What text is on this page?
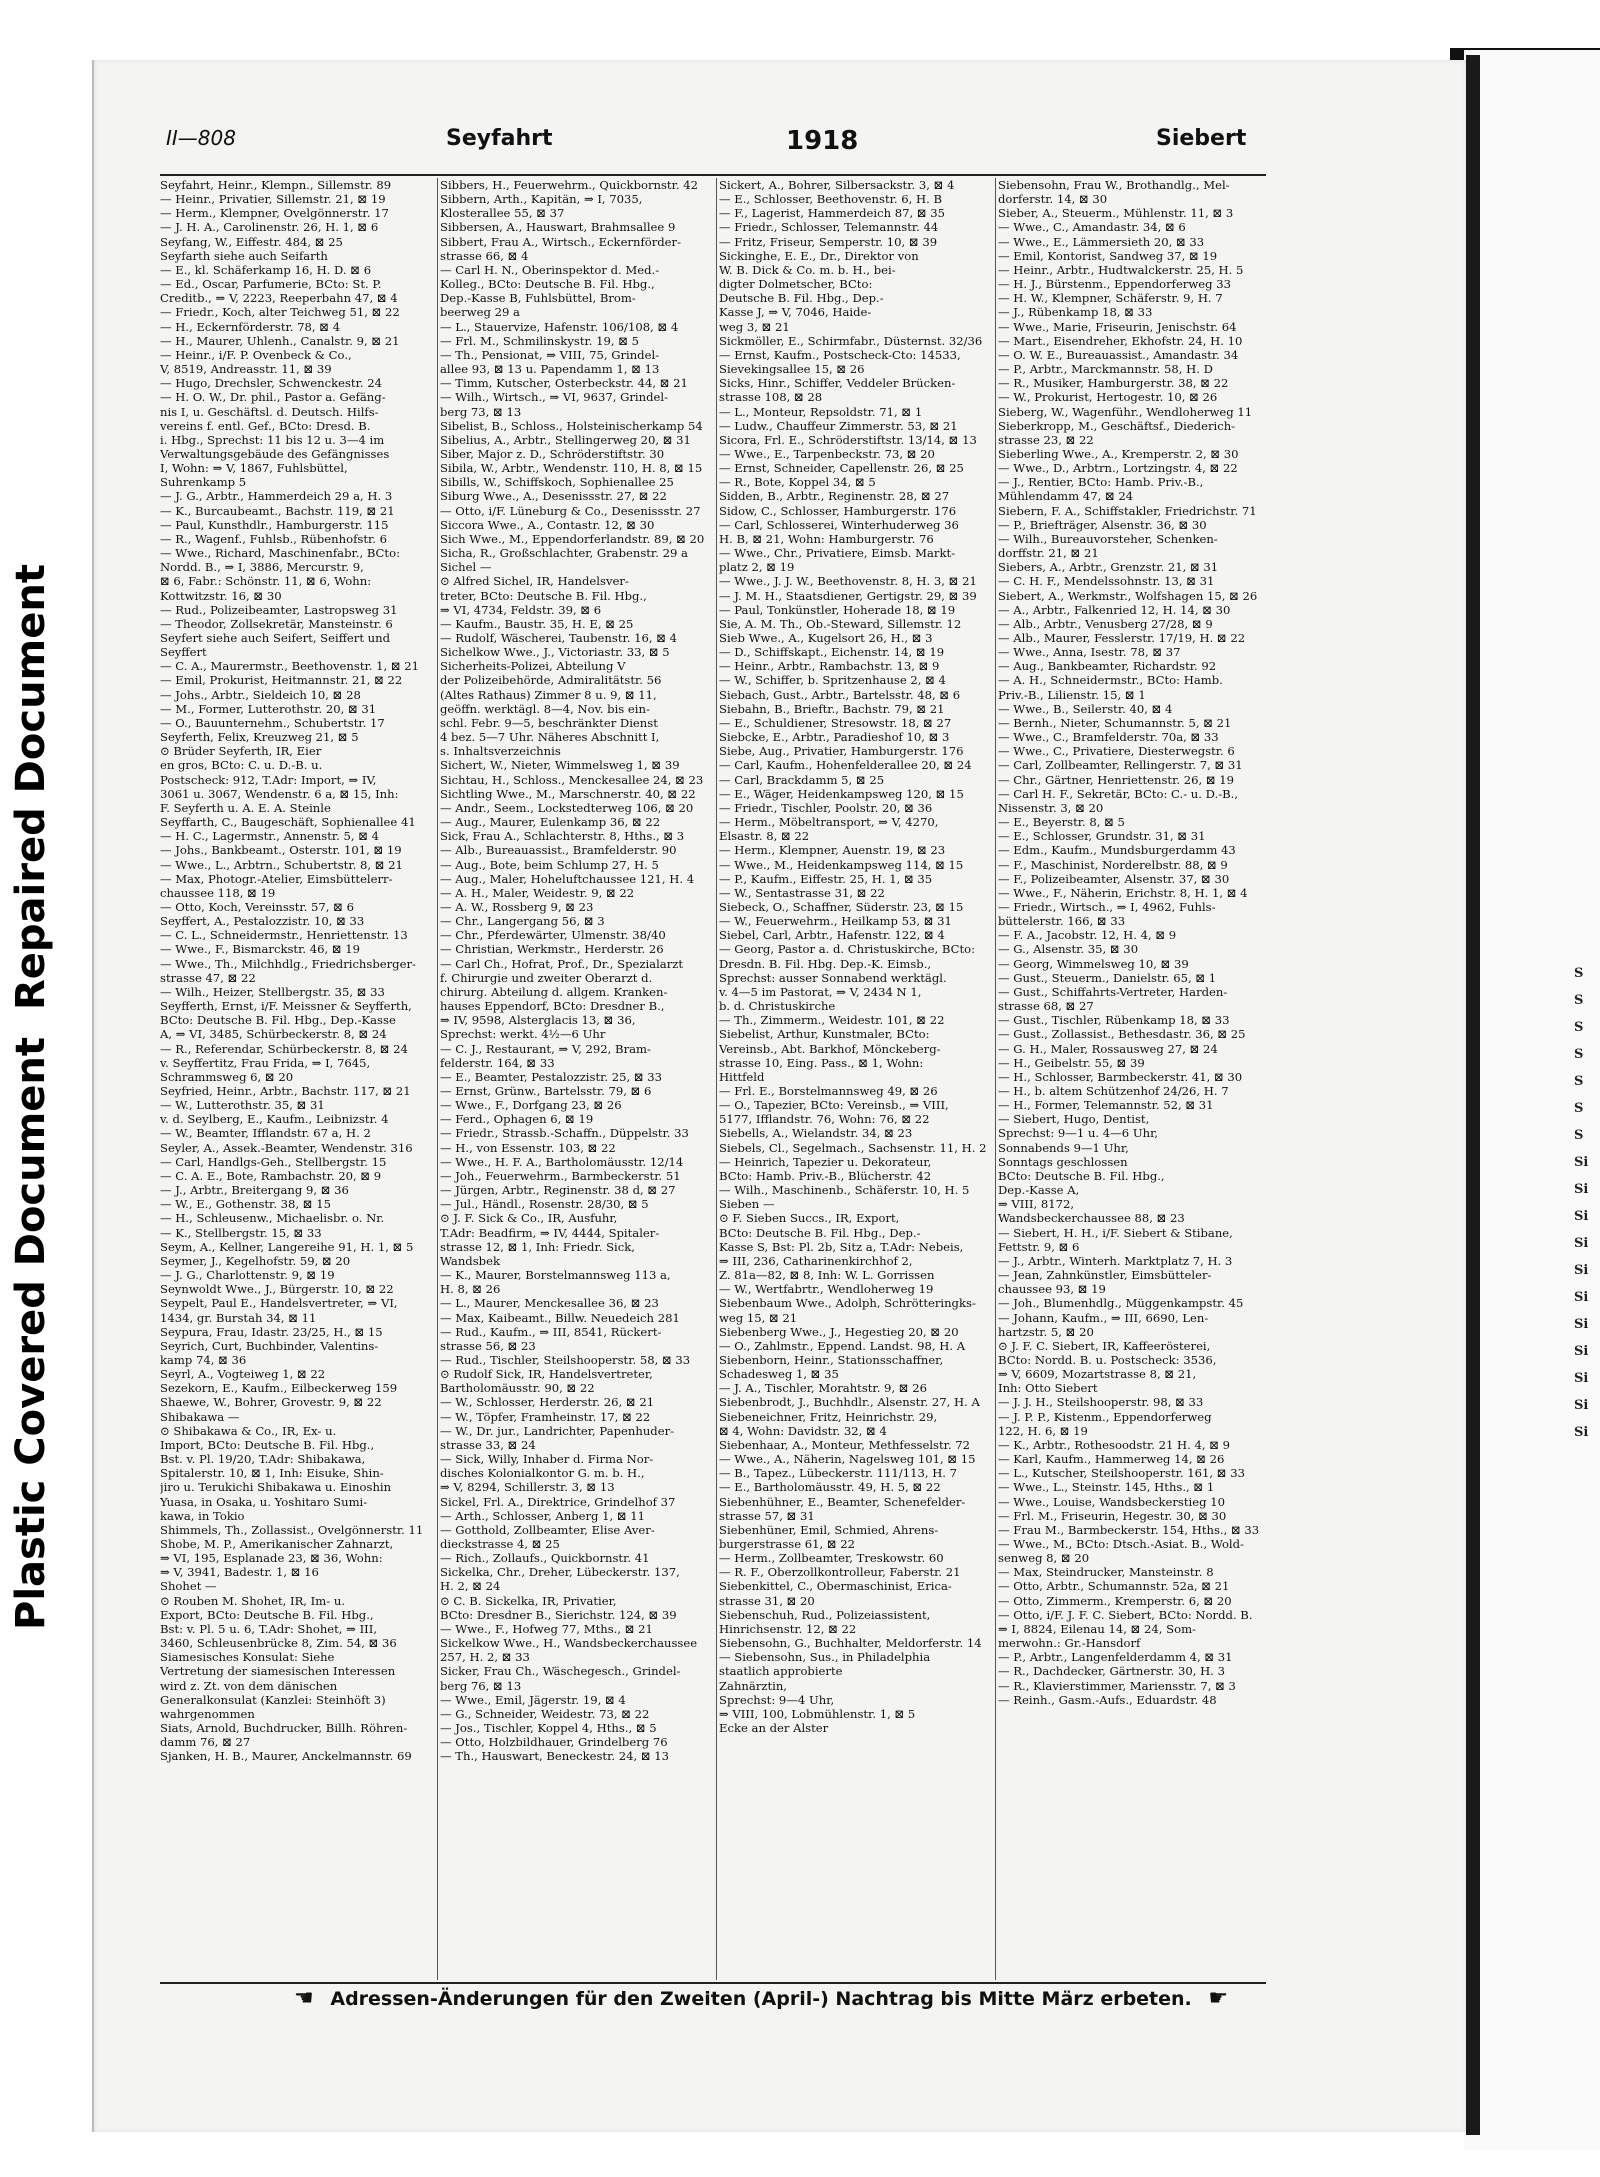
Plastic Covered Document
Repaired Document	S
S
S
S
S
S
S
Si
Si
Si
Si
Si
Si
Si
Si
Si
Si
Si
II—808	Seyfahrt	1918	Siebert
Seyfahrt, Heinr., Klempn., Sillemstr. 89
— Heinr., Privatier, Sillemstr. 21, ⊠ 19
— Herm., Klempner, Ovelgönnerstr. 17
— J. H. A., Carolinenstr. 26, H. 1, ⊠ 6
Seyfang, W., Eiffestr. 484, ⊠ 25
Seyfarth siehe auch Seifarth
— E., kl. Schäferkamp 16, H. D. ⊠ 6
— Ed., Oscar, Parfumerie, BCto: St. P.
Creditb., ⇒ V, 2223, Reeperbahn 47, ⊠ 4
— Friedr., Koch, alter Teichweg 51, ⊠ 22
— H., Eckernförderstr. 78, ⊠ 4
— H., Maurer, Uhlenh., Canalstr. 9, ⊠ 21
— Heinr., i/F. P. Ovenbeck & Co.,
V, 8519, Andreasstr. 11, ⊠ 39
— Hugo, Drechsler, Schwenckestr. 24
— H. O. W., Dr. phil., Pastor a. Gefäng-
nis I, u. Geschäftsl. d. Deutsch. Hilfs-
vereins f. entl. Gef., BCto: Dresd. B.
i. Hbg., Sprechst: 11 bis 12 u. 3—4 im
Verwaltungsgebäude des Gefängnisses
I, Wohn: ⇒ V, 1867, Fuhlsbüttel,
Suhrenkamp 5
— J. G., Arbtr., Hammerdeich 29 a, H. 3
— K., Burcaubeamt., Bachstr. 119, ⊠ 21
— Paul, Kunsthdlr., Hamburgerstr. 115
— R., Wagenf., Fuhlsb., Rübenhofstr. 6
— Wwe., Richard, Maschinenfabr., BCto:
Nordd. B., ⇒ I, 3886, Mercurstr. 9,
⊠ 6, Fabr.: Schönstr. 11, ⊠ 6, Wohn:
Kottwitzstr. 16, ⊠ 30
— Rud., Polizeibeamter, Lastropsweg 31
— Theodor, Zollsekretär, Mansteinstr. 6
Seyfert siehe auch Seifert, Seiffert und
Seyffert
— C. A., Maurermstr., Beethovenstr. 1, ⊠ 21
— Emil, Prokurist, Heitmannstr. 21, ⊠ 22
— Johs., Arbtr., Sieldeich 10, ⊠ 28
— M., Former, Lutterothstr. 20, ⊠ 31
— O., Bauunternehm., Schubertstr. 17
Seyferth, Felix, Kreuzweg 21, ⊠ 5
⊙ Brüder Seyferth, IR, Eier
en gros, BCto: C. u. D.-B. u.
Postscheck: 912, T.Adr: Import, ⇒ IV,
3061 u. 3067, Wendenstr. 6 a, ⊠ 15, Inh:
F. Seyferth u. A. E. A. Steinle
Seyffarth, C., Baugeschäft, Sophienallee 41
— H. C., Lagermstr., Annenstr. 5, ⊠ 4
— Johs., Bankbeamt., Osterstr. 101, ⊠ 19
— Wwe., L., Arbtrn., Schubertstr. 8, ⊠ 21
— Max, Photogr.-Atelier, Eimsbüttelerr-
chaussee 118, ⊠ 19
— Otto, Koch, Vereinsstr. 57, ⊠ 6
Seyffert, A., Pestalozzistr. 10, ⊠ 33
— C. L., Schneidermstr., Henriettenstr. 13
— Wwe., F., Bismarckstr. 46, ⊠ 19
— Wwe., Th., Milchhdlg., Friedrichsberger-
strasse 47, ⊠ 22
— Wilh., Heizer, Stellbergstr. 35, ⊠ 33
Seyfferth, Ernst, i/F. Meissner & Seyfferth,
BCto: Deutsche B. Fil. Hbg., Dep.-Kasse
A, ⇒ VI, 3485, Schürbeckerstr. 8, ⊠ 24
— R., Referendar, Schürbeckerstr. 8, ⊠ 24
v. Seyffertitz, Frau Frida, ⇒ I, 7645,
Schrammsweg 6, ⊠ 20
Seyfried, Heinr., Arbtr., Bachstr. 117, ⊠ 21
— W., Lutterothstr. 35, ⊠ 31
v. d. Seylberg, E., Kaufm., Leibnizstr. 4
— W., Beamter, Ifflandstr. 67 a, H. 2
Seyler, A., Assek.-Beamter, Wendenstr. 316
— Carl, Handlgs-Geh., Stellbergstr. 15
— C. A. E., Bote, Rambachstr. 20, ⊠ 9
— J., Arbtr., Breitergang 9, ⊠ 36
— W., E., Gothenstr. 38, ⊠ 15
— H., Schleusenw., Michaelisbr. o. Nr.
— K., Stellbergstr. 15, ⊠ 33
Seym, A., Kellner, Langereihe 91, H. 1, ⊠ 5
Seymer, J., Kegelhofstr. 59, ⊠ 20
— J. G., Charlottenstr. 9, ⊠ 19
Seynwoldt Wwe., J., Bürgerstr. 10, ⊠ 22
Seypelt, Paul E., Handelsvertreter, ⇒ VI,
1434, gr. Burstah 34, ⊠ 11
Seypura, Frau, Idastr. 23/25, H., ⊠ 15
Seyrich, Curt, Buchbinder, Valentins-
kamp 74, ⊠ 36
Seyrl, A., Vogteiweg 1, ⊠ 22
Sezekorn, E., Kaufm., Eilbeckerweg 159
Shaewe, W., Bohrer, Grovestr. 9, ⊠ 22
Shibakawa —
⊙ Shibakawa & Co., IR, Ex- u.
Import, BCto: Deutsche B. Fil. Hbg.,
Bst. v. Pl. 19/20, T.Adr: Shibakawa,
Spitalerstr. 10, ⊠ 1, Inh: Eisuke, Shin-
jiro u. Terukichi Shibakawa u. Einoshin
Yuasa, in Osaka, u. Yoshitaro Sumi-
kawa, in Tokio
Shimmels, Th., Zollassist., Ovelgönnerstr. 11
Shobe, M. P., Amerikanischer Zahnarzt,
⇒ VI, 195, Esplanade 23, ⊠ 36, Wohn:
⇒ V, 3941, Badestr. 1, ⊠ 16
Shohet —
⊙ Rouben M. Shohet, IR, Im- u.
Export, BCto: Deutsche B. Fil. Hbg.,
Bst: v. Pl. 5 u. 6, T.Adr: Shohet, ⇒ III,
3460, Schleusenbrücke 8, Zim. 54, ⊠ 36
Siamesisches Konsulat: Siehe
Vertretung der siamesischen Interessen
wird z. Zt. von dem dänischen
Generalkonsulat (Kanzlei: Steinhöft 3)
wahrgenommen
Siats, Arnold, Buchdrucker, Billh. Röhren-
damm 76, ⊠ 27
Sjanken, H. B., Maurer, Anckelmannstr. 69
Sibbers, H., Feuerwehrm., Quickbornstr. 42
Sibbern, Arth., Kapitän, ⇒ I, 7035,
Klosterallee 55, ⊠ 37
Sibbersen, A., Hauswart, Brahmsallee 9
Sibbert, Frau A., Wirtsch., Eckernförder-
strasse 66, ⊠ 4
— Carl H. N., Oberinspektor d. Med.-
Kolleg., BCto: Deutsche B. Fil. Hbg.,
Dep.-Kasse B, Fuhlsbüttel, Brom-
beerweg 29 a
— L., Stauervize, Hafenstr. 106/108, ⊠ 4
— Frl. M., Schmilinskystr. 19, ⊠ 5
— Th., Pensionat, ⇒ VIII, 75, Grindel-
allee 93, ⊠ 13 u. Papendamm 1, ⊠ 13
— Timm, Kutscher, Osterbeckstr. 44, ⊠ 21
— Wilh., Wirtsch., ⇒ VI, 9637, Grindel-
berg 73, ⊠ 13
Sibelist, B., Schloss., Holsteinischerkamp 54
Sibelius, A., Arbtr., Stellingerweg 20, ⊠ 31
Siber, Major z. D., Schröderstiftstr. 30
Sibila, W., Arbtr., Wendenstr. 110, H. 8, ⊠ 15
Sibills, W., Schiffskoch, Sophienallee 25
Siburg Wwe., A., Desenissstr. 27, ⊠ 22
— Otto, i/F. Lüneburg & Co., Desenissstr. 27
Siccora Wwe., A., Contastr. 12, ⊠ 30
Sich Wwe., M., Eppendorferlandstr. 89, ⊠ 20
Sicha, R., Großschlachter, Grabenstr. 29 a
Sichel —
⊙ Alfred Sichel, IR, Handelsver-
treter, BCto: Deutsche B. Fil. Hbg.,
⇒ VI, 4734, Feldstr. 39, ⊠ 6
— Kaufm., Baustr. 35, H. E, ⊠ 25
— Rudolf, Wäscherei, Taubenstr. 16, ⊠ 4
Sichelkow Wwe., J., Victoriastr. 33, ⊠ 5
Sicherheits-Polizei, Abteilung V
der Polizeibehörde, Admiralitätstr. 56
(Altes Rathaus) Zimmer 8 u. 9, ⊠ 11,
geöffn. werktägl. 8—4, Nov. bis ein-
schl. Febr. 9—5, beschränkter Dienst
4 bez. 5—7 Uhr. Näheres Abschnitt I,
s. Inhaltsverzeichnis
Sichert, W., Nieter, Wimmelsweg 1, ⊠ 39
Sichtau, H., Schloss., Menckesallee 24, ⊠ 23
Sichtling Wwe., M., Marschnerstr. 40, ⊠ 22
— Andr., Seem., Lockstedterweg 106, ⊠ 20
— Aug., Maurer, Eulenkamp 36, ⊠ 22
Sick, Frau A., Schlachterstr. 8, Hths., ⊠ 3
— Alb., Bureauassist., Bramfelderstr. 90
— Aug., Bote, beim Schlump 27, H. 5
— Aug., Maler, Hoheluftchaussee 121, H. 4
— A. H., Maler, Weidestr. 9, ⊠ 22
— A. W., Rossberg 9, ⊠ 23
— Chr., Langergang 56, ⊠ 3
— Chr., Pferdewärter, Ulmenstr. 38/40
— Christian, Werkmstr., Herderstr. 26
— Carl Ch., Hofrat, Prof., Dr., Spezialarzt
f. Chirurgie und zweiter Oberarzt d.
chirurg. Abteilung d. allgem. Kranken-
hauses Eppendorf, BCto: Dresdner B.,
⇒ IV, 9598, Alsterglacis 13, ⊠ 36,
Sprechst: werkt. 4½—6 Uhr
— C. J., Restaurant, ⇒ V, 292, Bram-
felderstr. 164, ⊠ 33
— E., Beamter, Pestalozzistr. 25, ⊠ 33
— Ernst, Grünw., Bartelsstr. 79, ⊠ 6
— Wwe., F., Dorfgang 23, ⊠ 26
— Ferd., Ophagen 6, ⊠ 19
— Friedr., Strassb.-Schaffn., Düppelstr. 33
— H., von Essenstr. 103, ⊠ 22
— Wwe., H. F. A., Bartholomäusstr. 12/14
— Joh., Feuerwehrm., Barmbeckerstr. 51
— Jürgen, Arbtr., Reginenstr. 38 d, ⊠ 27
— Jul., Händl., Rosenstr. 28/30, ⊠ 5
⊙ J. F. Sick & Co., IR, Ausfuhr,
T.Adr: Beadfirm, ⇒ IV, 4444, Spitaler-
strasse 12, ⊠ 1, Inh: Friedr. Sick,
Wandsbek
— K., Maurer, Borstelmannsweg 113 a,
H. 8, ⊠ 26
— L., Maurer, Menckesallee 36, ⊠ 23
— Max, Kaibeamt., Billw. Neuedeich 281
— Rud., Kaufm., ⇒ III, 8541, Rückert-
strasse 56, ⊠ 23
— Rud., Tischler, Steilshooperstr. 58, ⊠ 33
⊙ Rudolf Sick, IR, Handelsvertreter,
Bartholomäusstr. 90, ⊠ 22
— W., Schlosser, Herderstr. 26, ⊠ 21
— W., Töpfer, Framheinstr. 17, ⊠ 22
— W., Dr. jur., Landrichter, Papenhuder-
strasse 33, ⊠ 24
— Sick, Willy, Inhaber d. Firma Nor-
disches Kolonialkontor G. m. b. H.,
⇒ V, 8294, Schillerstr. 3, ⊠ 13
Sickel, Frl. A., Direktrice, Grindelhof 37
— Arth., Schlosser, Anberg 1, ⊠ 11
— Gotthold, Zollbeamter, Elise Aver-
dieckstrasse 4, ⊠ 25
— Rich., Zollaufs., Quickbornstr. 41
Sickelka, Chr., Dreher, Lübeckerstr. 137,
H. 2, ⊠ 24
⊙ C. B. Sickelka, IR, Privatier,
BCto: Dresdner B., Sierichstr. 124, ⊠ 39
— Wwe., F., Hofweg 77, Mths., ⊠ 21
Sickelkow Wwe., H., Wandsbeckerchaussee
257, H. 2, ⊠ 33
Sicker, Frau Ch., Wäschegesch., Grindel-
berg 76, ⊠ 13
— Wwe., Emil, Jägerstr. 19, ⊠ 4
— G., Schneider, Weidestr. 73, ⊠ 22
— Jos., Tischler, Koppel 4, Hths., ⊠ 5
— Otto, Holzbildhauer, Grindelberg 76
— Th., Hauswart, Beneckestr. 24, ⊠ 13
Sickert, A., Bohrer, Silbersackstr. 3, ⊠ 4
— E., Schlosser, Beethovenstr. 6, H. B
— F., Lagerist, Hammerdeich 87, ⊠ 35
— Friedr., Schlosser, Telemannstr. 44
— Fritz, Friseur, Semperstr. 10, ⊠ 39
Sickinghe, E. E., Dr., Direktor von
W. B. Dick & Co. m. b. H., bei-
digter Dolmetscher, BCto:
Deutsche B. Fil. Hbg., Dep.-
Kasse J, ⇒ V, 7046, Haide-
weg 3, ⊠ 21
Sickmöller, E., Schirmfabr., Düsternst. 32/36
— Ernst, Kaufm., Postscheck-Cto: 14533,
Sievekingsallee 15, ⊠ 26
Sicks, Hinr., Schiffer, Veddeler Brücken-
strasse 108, ⊠ 28
— L., Monteur, Repsoldstr. 71, ⊠ 1
— Ludw., Chauffeur Zimmerstr. 53, ⊠ 21
Sicora, Frl. E., Schröderstiftstr. 13/14, ⊠ 13
— Wwe., E., Tarpenbeckstr. 73, ⊠ 20
— Ernst, Schneider, Capellenstr. 26, ⊠ 25
— R., Bote, Koppel 34, ⊠ 5
Sidden, B., Arbtr., Reginenstr. 28, ⊠ 27
Sidow, C., Schlosser, Hamburgerstr. 176
— Carl, Schlosserei, Winterhuderweg 36
H. B, ⊠ 21, Wohn: Hamburgerstr. 76
— Wwe., Chr., Privatiere, Eimsb. Markt-
platz 2, ⊠ 19
— Wwe., J. J. W., Beethovenstr. 8, H. 3, ⊠ 21
— J. M. H., Staatsdiener, Gertigstr. 29, ⊠ 39
— Paul, Tonkünstler, Hoherade 18, ⊠ 19
Sie, A. M. Th., Ob.-Steward, Sillemstr. 12
Sieb Wwe., A., Kugelsort 26, H., ⊠ 3
— D., Schiffskapt., Eichenstr. 14, ⊠ 19
— Heinr., Arbtr., Rambachstr. 13, ⊠ 9
— W., Schiffer, b. Spritzenhause 2, ⊠ 4
Siebach, Gust., Arbtr., Bartelsstr. 48, ⊠ 6
Siebahn, B., Brieftr., Bachstr. 79, ⊠ 21
— E., Schuldiener, Stresowstr. 18, ⊠ 27
Siebcke, E., Arbtr., Paradieshof 10, ⊠ 3
Siebe, Aug., Privatier, Hamburgerstr. 176
— Carl, Kaufm., Hohenfelderallee 20, ⊠ 24
— Carl, Brackdamm 5, ⊠ 25
— E., Wäger, Heidenkampsweg 120, ⊠ 15
— Friedr., Tischler, Poolstr. 20, ⊠ 36
— Herm., Möbeltransport, ⇒ V, 4270,
Elsastr. 8, ⊠ 22
— Herm., Klempner, Auenstr. 19, ⊠ 23
— Wwe., M., Heidenkampsweg 114, ⊠ 15
— P., Kaufm., Eiffestr. 25, H. 1, ⊠ 35
— W., Sentastrasse 31, ⊠ 22
Siebeck, O., Schaffner, Süderstr. 23, ⊠ 15
— W., Feuerwehrm., Heilkamp 53, ⊠ 31
Siebel, Carl, Arbtr., Hafenstr. 122, ⊠ 4
— Georg, Pastor a. d. Christuskirche, BCto:
Dresdn. B. Fil. Hbg. Dep.-K. Eimsb.,
Sprechst: ausser Sonnabend werktägl.
v. 4—5 im Pastorat, ⇒ V, 2434 N 1,
b. d. Christuskirche
— Th., Zimmerm., Weidestr. 101, ⊠ 22
Siebelist, Arthur, Kunstmaler, BCto:
Vereinsb., Abt. Barkhof, Mönckeberg-
strasse 10, Eing. Pass., ⊠ 1, Wohn:
Hittfeld
— Frl. E., Borstelmannsweg 49, ⊠ 26
— O., Tapezier, BCto: Vereinsb., ⇒ VIII,
5177, Ifflandstr. 76, Wohn: 76, ⊠ 22
Siebells, A., Wielandstr. 34, ⊠ 23
Siebels, Cl., Segelmach., Sachsenstr. 11, H. 2
— Heinrich, Tapezier u. Dekorateur,
BCto: Hamb. Priv.-B., Blücherstr. 42
— Wilh., Maschinenb., Schäferstr. 10, H. 5
Sieben —
⊙ F. Sieben Succs., IR, Export,
BCto: Deutsche B. Fil. Hbg., Dep.-
Kasse S, Bst: Pl. 2b, Sitz a, T.Adr: Nebeis,
⇒ III, 236, Catharinenkirchhof 2,
Z. 81a—82, ⊠ 8, Inh: W. L. Gorrissen
— W., Wertfabrtr., Wendloherweg 19
Siebenbaum Wwe., Adolph, Schrötteringks-
weg 15, ⊠ 21
Siebenberg Wwe., J., Hegestieg 20, ⊠ 20
— O., Zahlmstr., Eppend. Landst. 98, H. A
Siebenborn, Heinr., Stationsschaffner,
Schadesweg 1, ⊠ 35
— J. A., Tischler, Morahtstr. 9, ⊠ 26
Siebenbrodt, J., Buchhdlr., Alsenstr. 27, H. A
Siebeneichner, Fritz, Heinrichstr. 29,
⊠ 4, Wohn: Davidstr. 32, ⊠ 4
Siebenhaar, A., Monteur, Methfesselstr. 72
— Wwe., A., Näherin, Nagelsweg 101, ⊠ 15
— B., Tapez., Lübeckerstr. 111/113, H. 7
— E., Bartholomäusstr. 49, H. 5, ⊠ 22
Siebenhühner, E., Beamter, Schenefelder-
strasse 57, ⊠ 31
Siebenhüner, Emil, Schmied, Ahrens-
burgerstrasse 61, ⊠ 22
— Herm., Zollbeamter, Treskowstr. 60
— R. F., Oberzollkontrolleur, Faberstr. 21
Siebenkittel, C., Obermaschinist, Erica-
strasse 31, ⊠ 20
Siebenschuh, Rud., Polizeiassistent,
Hinrichsenstr. 12, ⊠ 22
Siebensohn, G., Buchhalter, Meldorferstr. 14
— Siebensohn, Sus., in Philadelphia
staatlich approbierte
Zahnärztin,
Sprechst: 9—4 Uhr,
⇒ VIII, 100, Lobmühlenstr. 1, ⊠ 5
Ecke an der Alster
Siebensohn, Frau W., Brothandlg., Mel-
dorferstr. 14, ⊠ 30
Sieber, A., Steuerm., Mühlenstr. 11, ⊠ 3
— Wwe., C., Amandastr. 34, ⊠ 6
— Wwe., E., Lämmersieth 20, ⊠ 33
— Emil, Kontorist, Sandweg 37, ⊠ 19
— Heinr., Arbtr., Hudtwalckerstr. 25, H. 5
— H. J., Bürstenm., Eppendorferweg 33
— H. W., Klempner, Schäferstr. 9, H. 7
— J., Rübenkamp 18, ⊠ 33
— Wwe., Marie, Friseurin, Jenischstr. 64
— Mart., Eisendreher, Ekhofstr. 24, H. 10
— O. W. E., Bureauassist., Amandastr. 34
— P., Arbtr., Marckmannstr. 58, H. D
— R., Musiker, Hamburgerstr. 38, ⊠ 22
— W., Prokurist, Hertogestr. 10, ⊠ 26
Sieberg, W., Wagenführ., Wendloherweg 11
Sieberkropp, M., Geschäftsf., Diederich-
strasse 23, ⊠ 22
Sieberling Wwe., A., Kremperstr. 2, ⊠ 30
— Wwe., D., Arbtrn., Lortzingstr. 4, ⊠ 22
— J., Rentier, BCto: Hamb. Priv.-B.,
Mühlendamm 47, ⊠ 24
Siebern, F. A., Schiffstakler, Friedrichstr. 71
— P., Briefträger, Alsenstr. 36, ⊠ 30
— Wilh., Bureauvorsteher, Schenken-
dorffstr. 21, ⊠ 21
Siebers, A., Arbtr., Grenzstr. 21, ⊠ 31
— C. H. F., Mendelssohnstr. 13, ⊠ 31
Siebert, A., Werkmstr., Wolfshagen 15, ⊠ 26
— A., Arbtr., Falkenried 12, H. 14, ⊠ 30
— Alb., Arbtr., Venusberg 27/28, ⊠ 9
— Alb., Maurer, Fesslerstr. 17/19, H. ⊠ 22
— Wwe., Anna, Isestr. 78, ⊠ 37
— Aug., Bankbeamter, Richardstr. 92
— A. H., Schneidermstr., BCto: Hamb.
Priv.-B., Lilienstr. 15, ⊠ 1
— Wwe., B., Seilerstr. 40, ⊠ 4
— Bernh., Nieter, Schumannstr. 5, ⊠ 21
— Wwe., C., Bramfelderstr. 70a, ⊠ 33
— Wwe., C., Privatiere, Diesterwegstr. 6
— Carl, Zollbeamter, Rellingerstr. 7, ⊠ 31
— Chr., Gärtner, Henriettenstr. 26, ⊠ 19
— Carl H. F., Sekretär, BCto: C.- u. D.-B.,
Nissenstr. 3, ⊠ 20
— E., Beyerstr. 8, ⊠ 5
— E., Schlosser, Grundstr. 31, ⊠ 31
— Edm., Kaufm., Mundsburgerdamm 43
— F., Maschinist, Norderelbstr. 88, ⊠ 9
— F., Polizeibeamter, Alsenstr. 37, ⊠ 30
— Wwe., F., Näherin, Erichstr. 8, H. 1, ⊠ 4
— Friedr., Wirtsch., ⇒ I, 4962, Fuhls-
büttelerstr. 166, ⊠ 33
— F. A., Jacobstr. 12, H. 4, ⊠ 9
— G., Alsenstr. 35, ⊠ 30
— Georg, Wimmelsweg 10, ⊠ 39
— Gust., Steuerm., Danielstr. 65, ⊠ 1
— Gust., Schiffahrts-Vertreter, Harden-
strasse 68, ⊠ 27
— Gust., Tischler, Rübenkamp 18, ⊠ 33
— Gust., Zollassist., Bethesdastr. 36, ⊠ 25
— G. H., Maler, Rossausweg 27, ⊠ 24
— H., Geibelstr. 55, ⊠ 39
— H., Schlosser, Barmbeckerstr. 41, ⊠ 30
— H., b. altem Schützenhof 24/26, H. 7
— H., Former, Telemannstr. 52, ⊠ 31
— Siebert, Hugo, Dentist,
Sprechst: 9—1 u. 4—6 Uhr,
Sonnabends 9—1 Uhr,
Sonntags geschlossen
BCto: Deutsche B. Fil. Hbg.,
Dep.-Kasse A,
⇒ VIII, 8172,
Wandsbeckerchaussee 88, ⊠ 23
— Siebert, H. H., i/F. Siebert & Stibane,
Fettstr. 9, ⊠ 6
— J., Arbtr., Winterh. Marktplatz 7, H. 3
— Jean, Zahnkünstler, Eimsbütteler-
chaussee 93, ⊠ 19
— Joh., Blumenhdlg., Müggenkampstr. 45
— Johann, Kaufm., ⇒ III, 6690, Len-
hartzstr. 5, ⊠ 20
⊙ J. F. C. Siebert, IR, Kaffeerösterei,
BCto: Nordd. B. u. Postscheck: 3536,
⇒ V, 6609, Mozartstrasse 8, ⊠ 21,
Inh: Otto Siebert
— J. J. H., Steilshooperstr. 98, ⊠ 33
— J. P. P., Kistenm., Eppendorferweg
122, H. 6, ⊠ 19
— K., Arbtr., Rothesoodstr. 21 H. 4, ⊠ 9
— Karl, Kaufm., Hammerweg 14, ⊠ 26
— L., Kutscher, Steilshooperstr. 161, ⊠ 33
— Wwe., L., Steinstr. 145, Hths., ⊠ 1
— Wwe., Louise, Wandsbeckerstieg 10
— Frl. M., Friseurin, Hegestr. 30, ⊠ 30
— Frau M., Barmbeckerstr. 154, Hths., ⊠ 33
— Wwe., M., BCto: Dtsch.-Asiat. B., Wold-
senweg 8, ⊠ 20
— Max, Steindrucker, Mansteinstr. 8
— Otto, Arbtr., Schumannstr. 52a, ⊠ 21
— Otto, Zimmerm., Kremperstr. 6, ⊠ 20
— Otto, i/F. J. F. C. Siebert, BCto: Nordd. B.
⇒ I, 8824, Eilenau 14, ⊠ 24, Som-
merwohn.: Gr.-Hansdorf
— P., Arbtr., Langenfelderdamm 4, ⊠ 31
— R., Dachdecker, Gärtnerstr. 30, H. 3
— R., Klavierstimmer, Mariensstr. 7, ⊠ 3
— Reinh., Gasm.-Aufs., Eduardstr. 48
☚ Adressen-Änderungen für den Zweiten (April-) Nachtrag bis Mitte März erbeten. ☛
